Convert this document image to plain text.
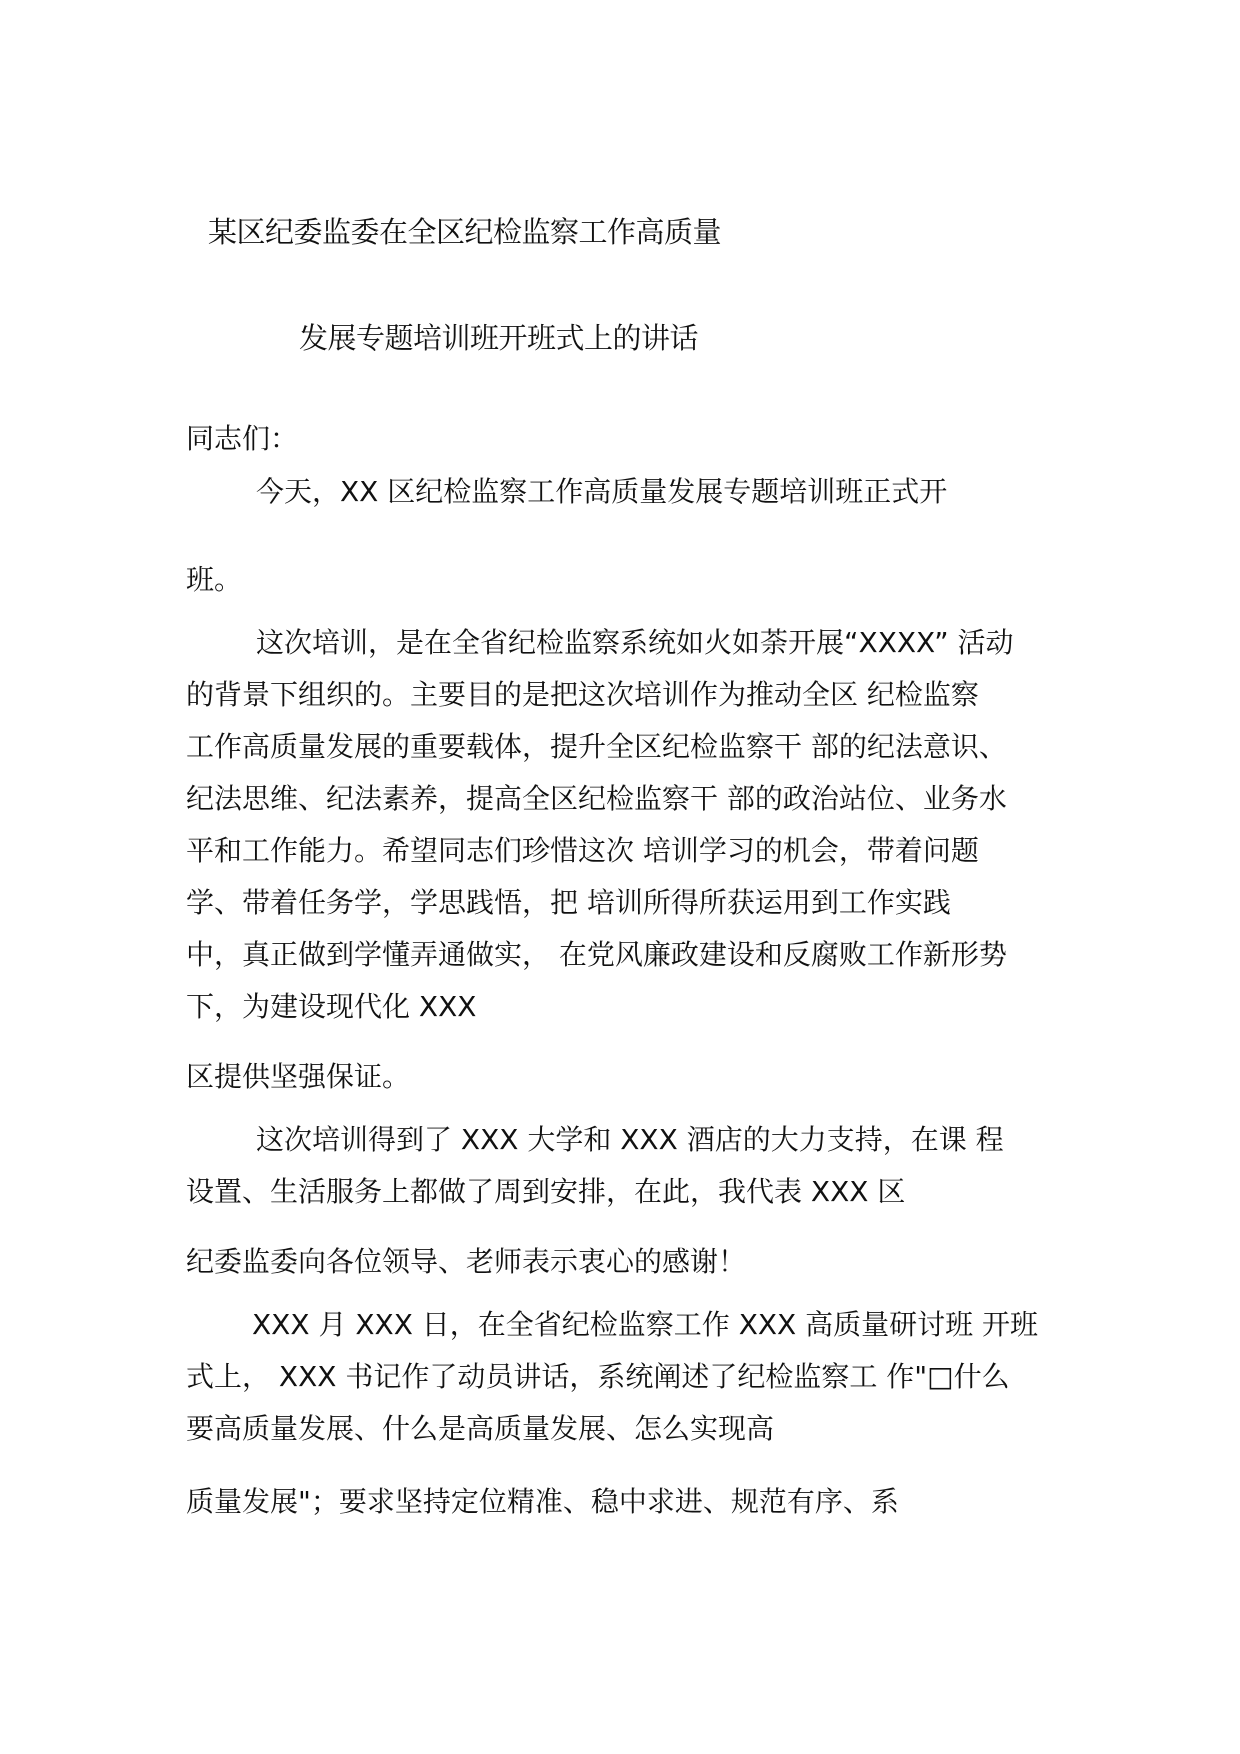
某区纪委监委在全区纪检监察工作高质量
发展专题培训班开班式上的讲话
同志们：
今天，XX 区纪检监察工作高质量发展专题培训班正式开
班。
这次培训，是在全省纪检监察系统如火如荼开展“XXXX” 活动
的背景下组织的。主要目的是把这次培训作为推动全区 纪检监察
工作高质量发展的重要载体，提升全区纪检监察干 部的纪法意识、
纪法思维、纪法素养，提高全区纪检监察干 部的政治站位、业务水
平和工作能力。希望同志们珍惜这次 培训学习的机会，带着问题
学、带着任务学，学思践悟，把 培训所得所获运用到工作实践
中，真正做到学懂弄通做实， 在党风廉政建设和反腐败工作新形势
下，为建设现代化 XXX
区提供坚强保证。
这次培训得到了 XXX 大学和 XXX 酒店的大力支持，在课 程
设置、生活服务上都做了周到安排，在此，我代表 XXX 区
纪委监委向各位领导、老师表示衷心的感谢！
XXX 月 XXX 日，在全省纪检监察工作 XXX 高质量研讨班 开班
式上， XXX 书记作了动员讲话，系统阐述了纪检监察工 作"□什么
要高质量发展、什么是高质量发展、怎么实现高
质量发展"；要求坚持定位精准、稳中求进、规范有序、系
